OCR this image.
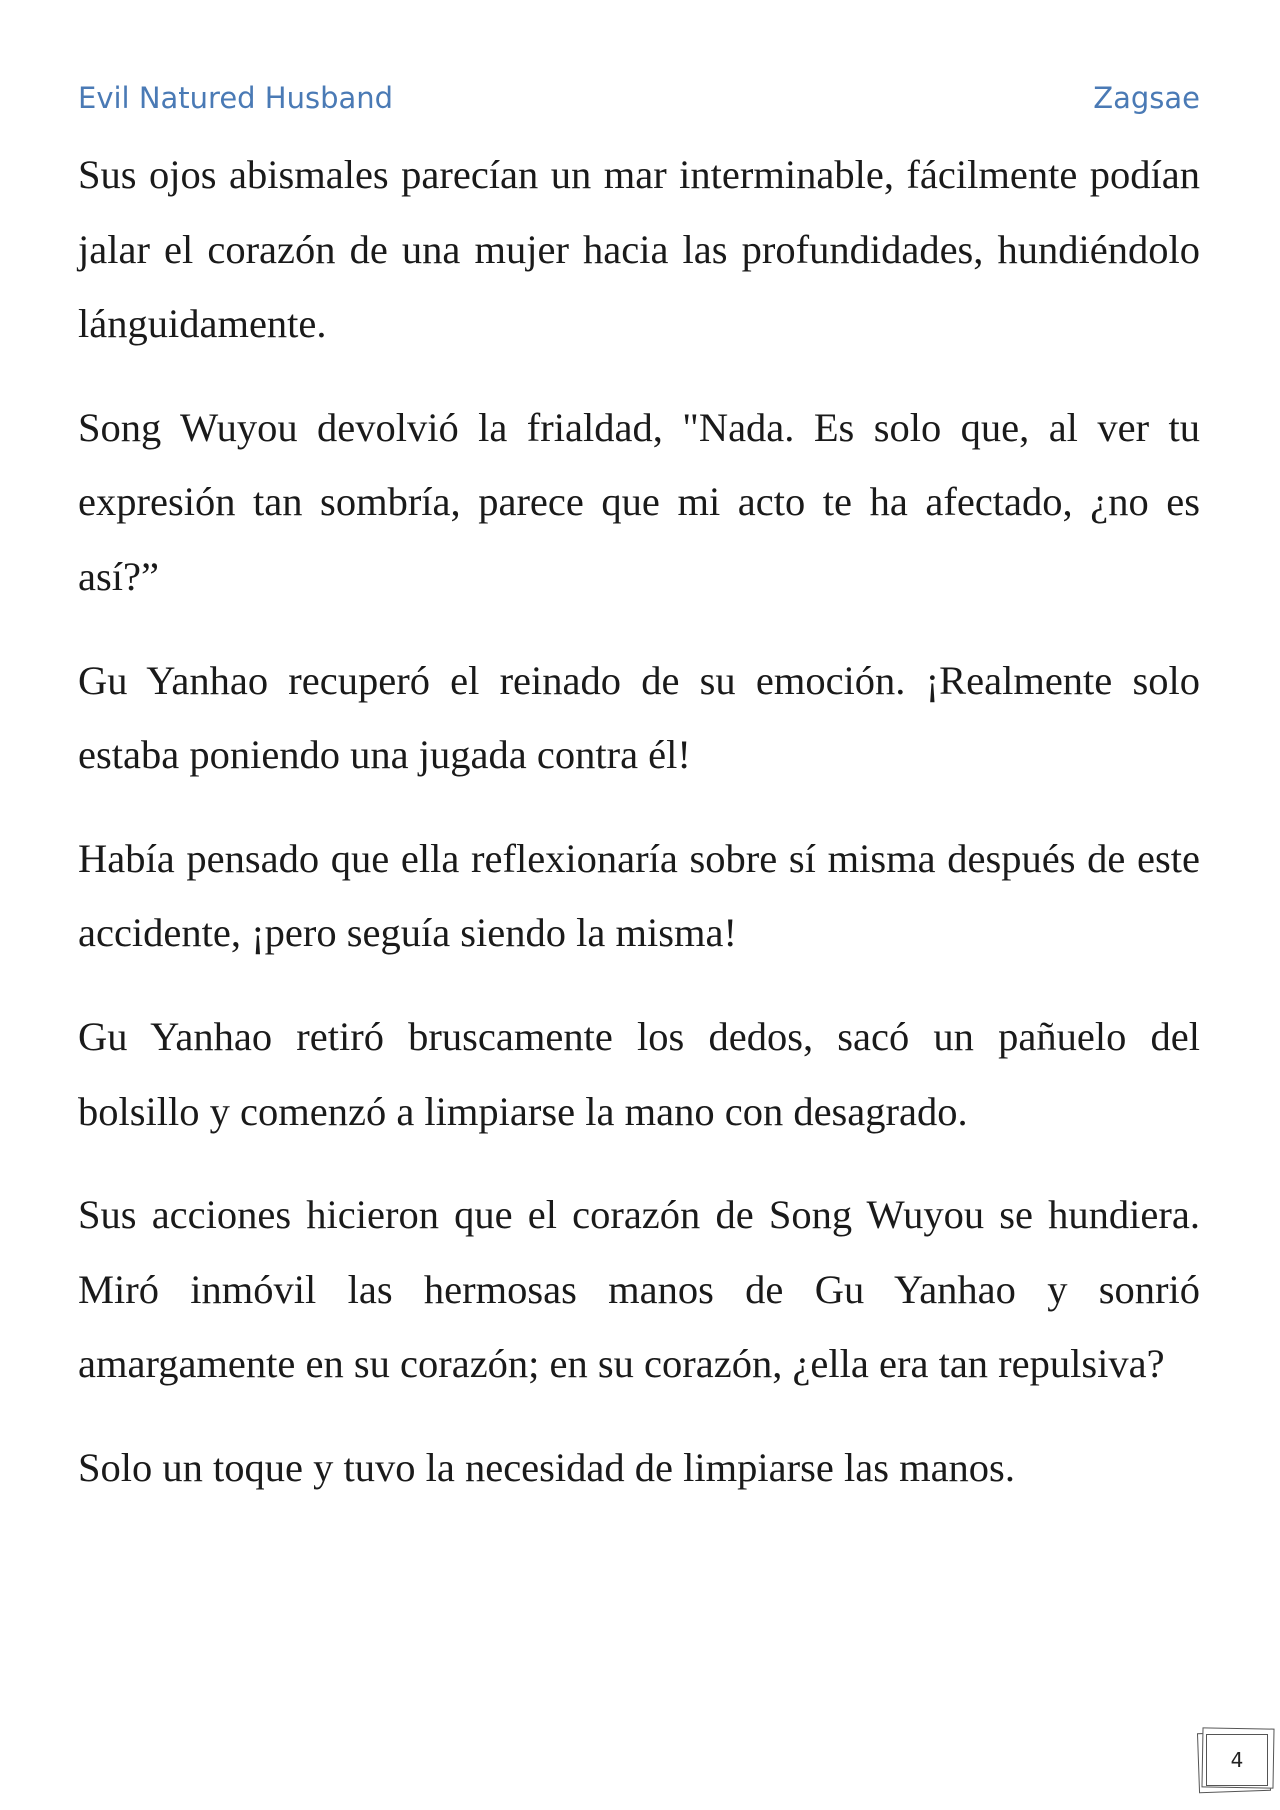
Evil Natured Husband	Zagsae

Sus ojos abismales parecían un mar interminable, fácilmente podían jalar el corazón de una mujer hacia las profundidades, hundiéndolo lánguidamente.

Song Wuyou devolvió la frialdad, "Nada. Es solo que, al ver tu expresión tan sombría, parece que mi acto te ha afectado, ¿no es así?”

Gu Yanhao recuperó el reinado de su emoción. ¡Realmente solo estaba poniendo una jugada contra él!

Había pensado que ella reflexionaría sobre sí misma después de este accidente, ¡pero seguía siendo la misma!

Gu Yanhao retiró bruscamente los dedos, sacó un pañuelo del bolsillo y comenzó a limpiarse la mano con desagrado.

Sus acciones hicieron que el corazón de Song Wuyou se hundiera. Miró inmóvil las hermosas manos de Gu Yanhao y sonrió amargamente en su corazón; en su corazón, ¿ella era tan repulsiva?

Solo un toque y tuvo la necesidad de limpiarse las manos.

4
